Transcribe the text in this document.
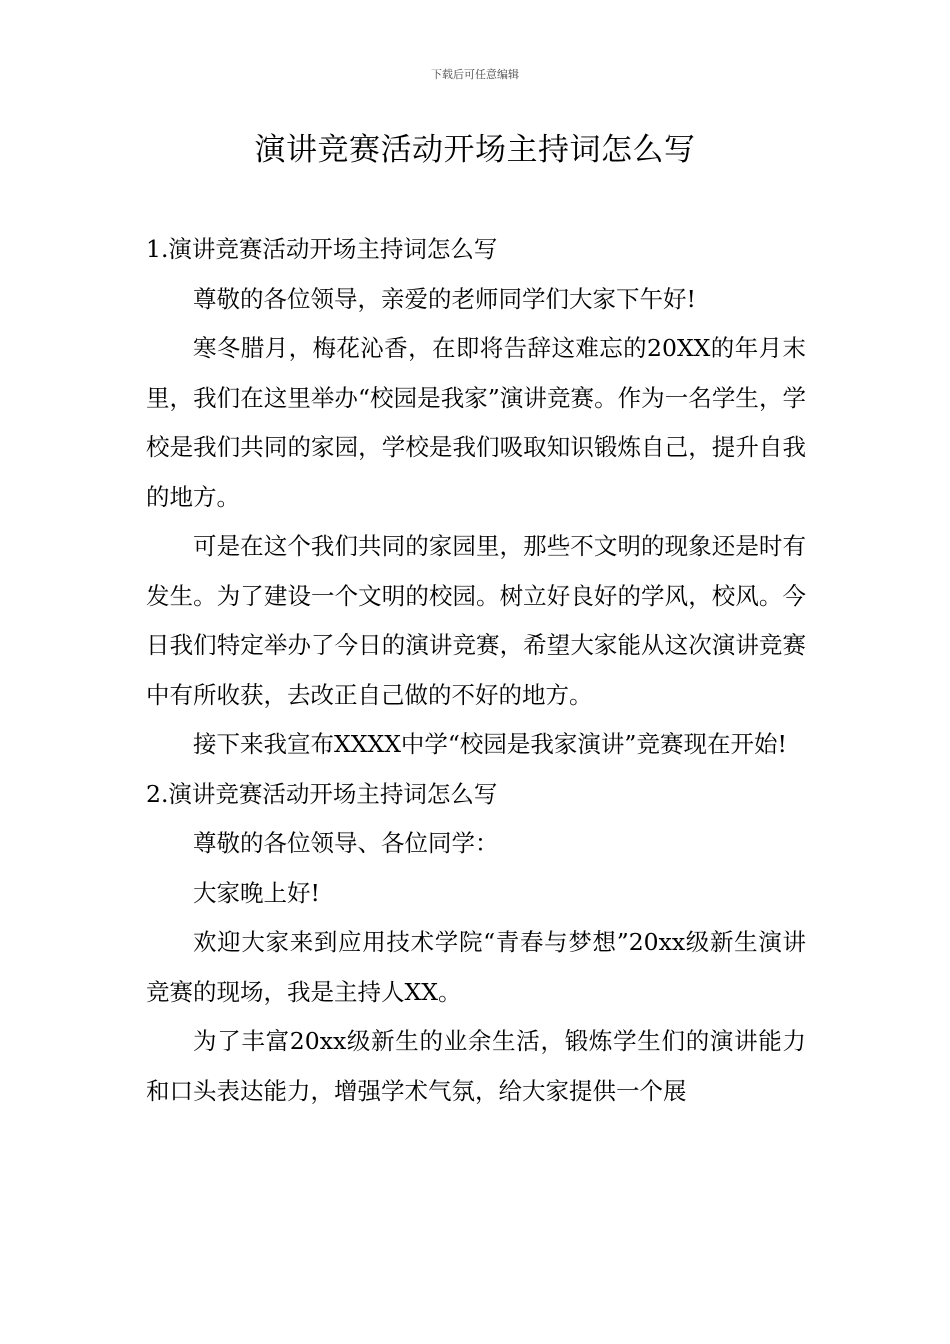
下载后可任意编辑
演讲竞赛活动开场主持词怎么写

1.演讲竞赛活动开场主持词怎么写

尊敬的各位领导，亲爱的老师同学们大家下午好!

寒冬腊月，梅花沁香，在即将告辞这难忘的20XX的年月末里，我们在这里举办“校园是我家”演讲竞赛。作为一名学生，学校是我们共同的家园，学校是我们吸取知识锻炼自己，提升自我的地方。

可是在这个我们共同的家园里，那些不文明的现象还是时有发生。为了建设一个文明的校园。树立好良好的学风，校风。今日我们特定举办了今日的演讲竞赛，希望大家能从这次演讲竞赛中有所收获，去改正自己做的不好的地方。

接下来我宣布XXXX中学“校园是我家演讲”竞赛现在开始!

2.演讲竞赛活动开场主持词怎么写

尊敬的各位领导、各位同学：

大家晚上好!

欢迎大家来到应用技术学院“青春与梦想”20xx级新生演讲竞赛的现场，我是主持人XX。

为了丰富20xx级新生的业余生活，锻炼学生们的演讲能力和口头表达能力，增强学术气氛，给大家提供一个展
